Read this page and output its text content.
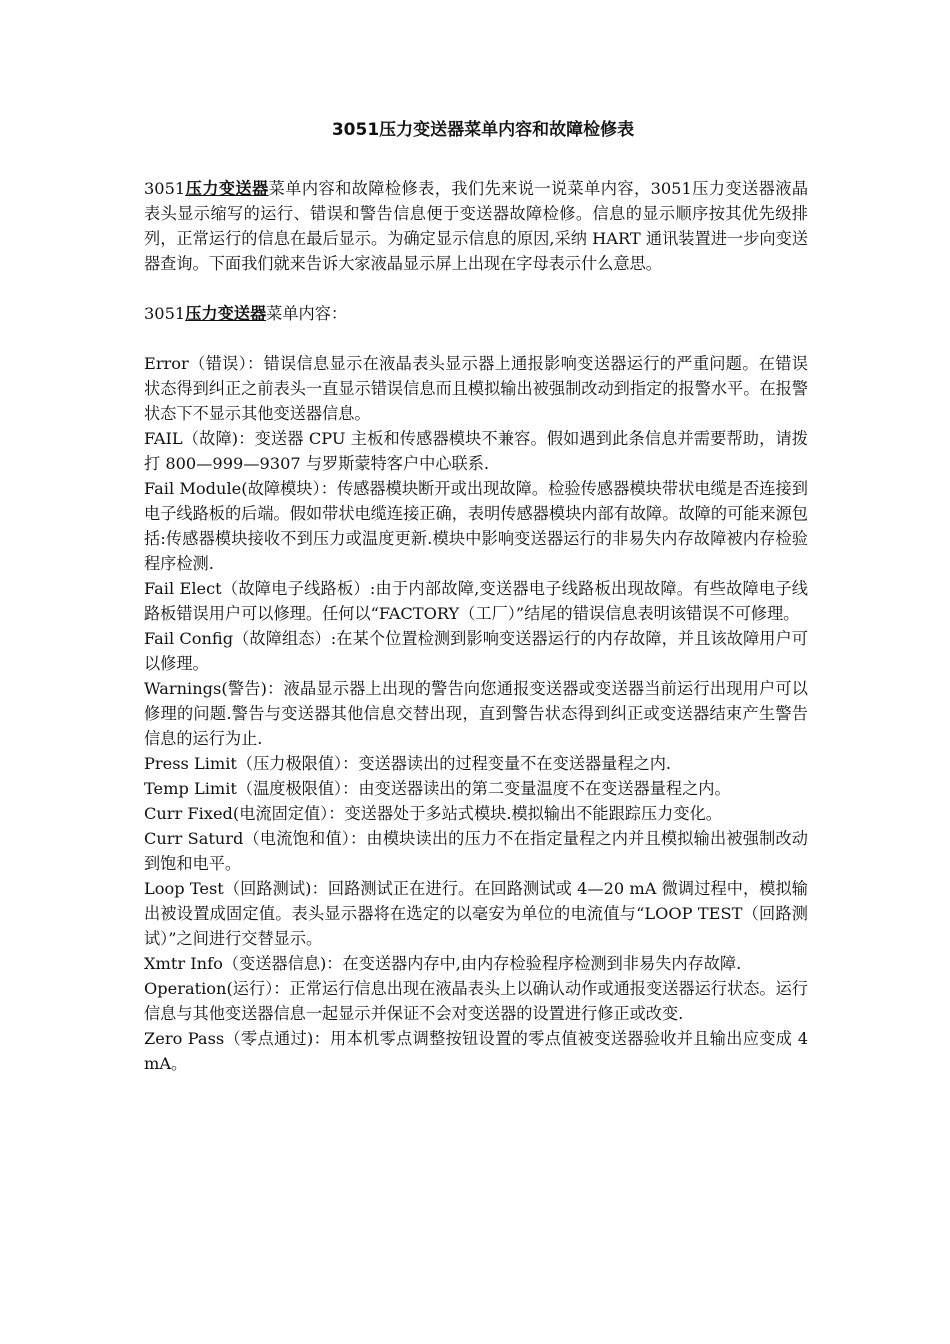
3051压力变送器菜单内容和故障检修表

3051压力变送器菜单内容和故障检修表，我们先来说一说菜单内容，3051压力变送器液晶表头显示缩写的运行、错误和警告信息便于变送器故障检修。信息的显示顺序按其优先级排列，正常运行的信息在最后显示。为确定显示信息的原因,采纳 HART 通讯装置进一步向变送器查询。下面我们就来告诉大家液晶显示屏上出现在字母表示什么意思。

3051压力变送器菜单内容：

Error（错误）：错误信息显示在液晶表头显示器上通报影响变送器运行的严重问题。在错误状态得到纠正之前表头一直显示错误信息而且模拟输出被强制改动到指定的报警水平。在报警状态下不显示其他变送器信息。

FAIL（故障)：变送器 CPU 主板和传感器模块不兼容。假如遇到此条信息并需要帮助，请拨打 800—999—9307 与罗斯蒙特客户中心联系.

Fail Module(故障模块）：传感器模块断开或出现故障。检验传感器模块带状电缆是否连接到电子线路板的后端。假如带状电缆连接正确，表明传感器模块内部有故障。故障的可能来源包括:传感器模块接收不到压力或温度更新.模块中影响变送器运行的非易失内存故障被内存检验程序检测.

Fail Elect（故障电子线路板）:由于内部故障,变送器电子线路板出现故障。有些故障电子线路板错误用户可以修理。任何以“FACTORY（工厂）”结尾的错误信息表明该错误不可修理。

Fail Config（故障组态）:在某个位置检测到影响变送器运行的内存故障，并且该故障用户可以修理。

Warnings(警告)：液晶显示器上出现的警告向您通报变送器或变送器当前运行出现用户可以修理的问题.警告与变送器其他信息交替出现，直到警告状态得到纠正或变送器结束产生警告信息的运行为止.

Press Limit（压力极限值）：变送器读出的过程变量不在变送器量程之内.

Temp Limit（温度极限值）：由变送器读出的第二变量温度不在变送器量程之内。

Curr Fixed(电流固定值）：变送器处于多站式模块.模拟输出不能跟踪压力变化。

Curr Saturd（电流饱和值）：由模块读出的压力不在指定量程之内并且模拟输出被强制改动到饱和电平。

Loop Test（回路测试)：回路测试正在进行。在回路测试或 4—20 mA 微调过程中，模拟输出被设置成固定值。表头显示器将在选定的以毫安为单位的电流值与“LOOP TEST（回路测试）”之间进行交替显示。

Xmtr Info（变送器信息)：在变送器内存中,由内存检验程序检测到非易失内存故障.

Operation(运行）：正常运行信息出现在液晶表头上以确认动作或通报变送器运行状态。运行信息与其他变送器信息一起显示并保证不会对变送器的设置进行修正或改变.

Zero Pass（零点通过)：用本机零点调整按钮设置的零点值被变送器验收并且输出应变成 4 mA。
